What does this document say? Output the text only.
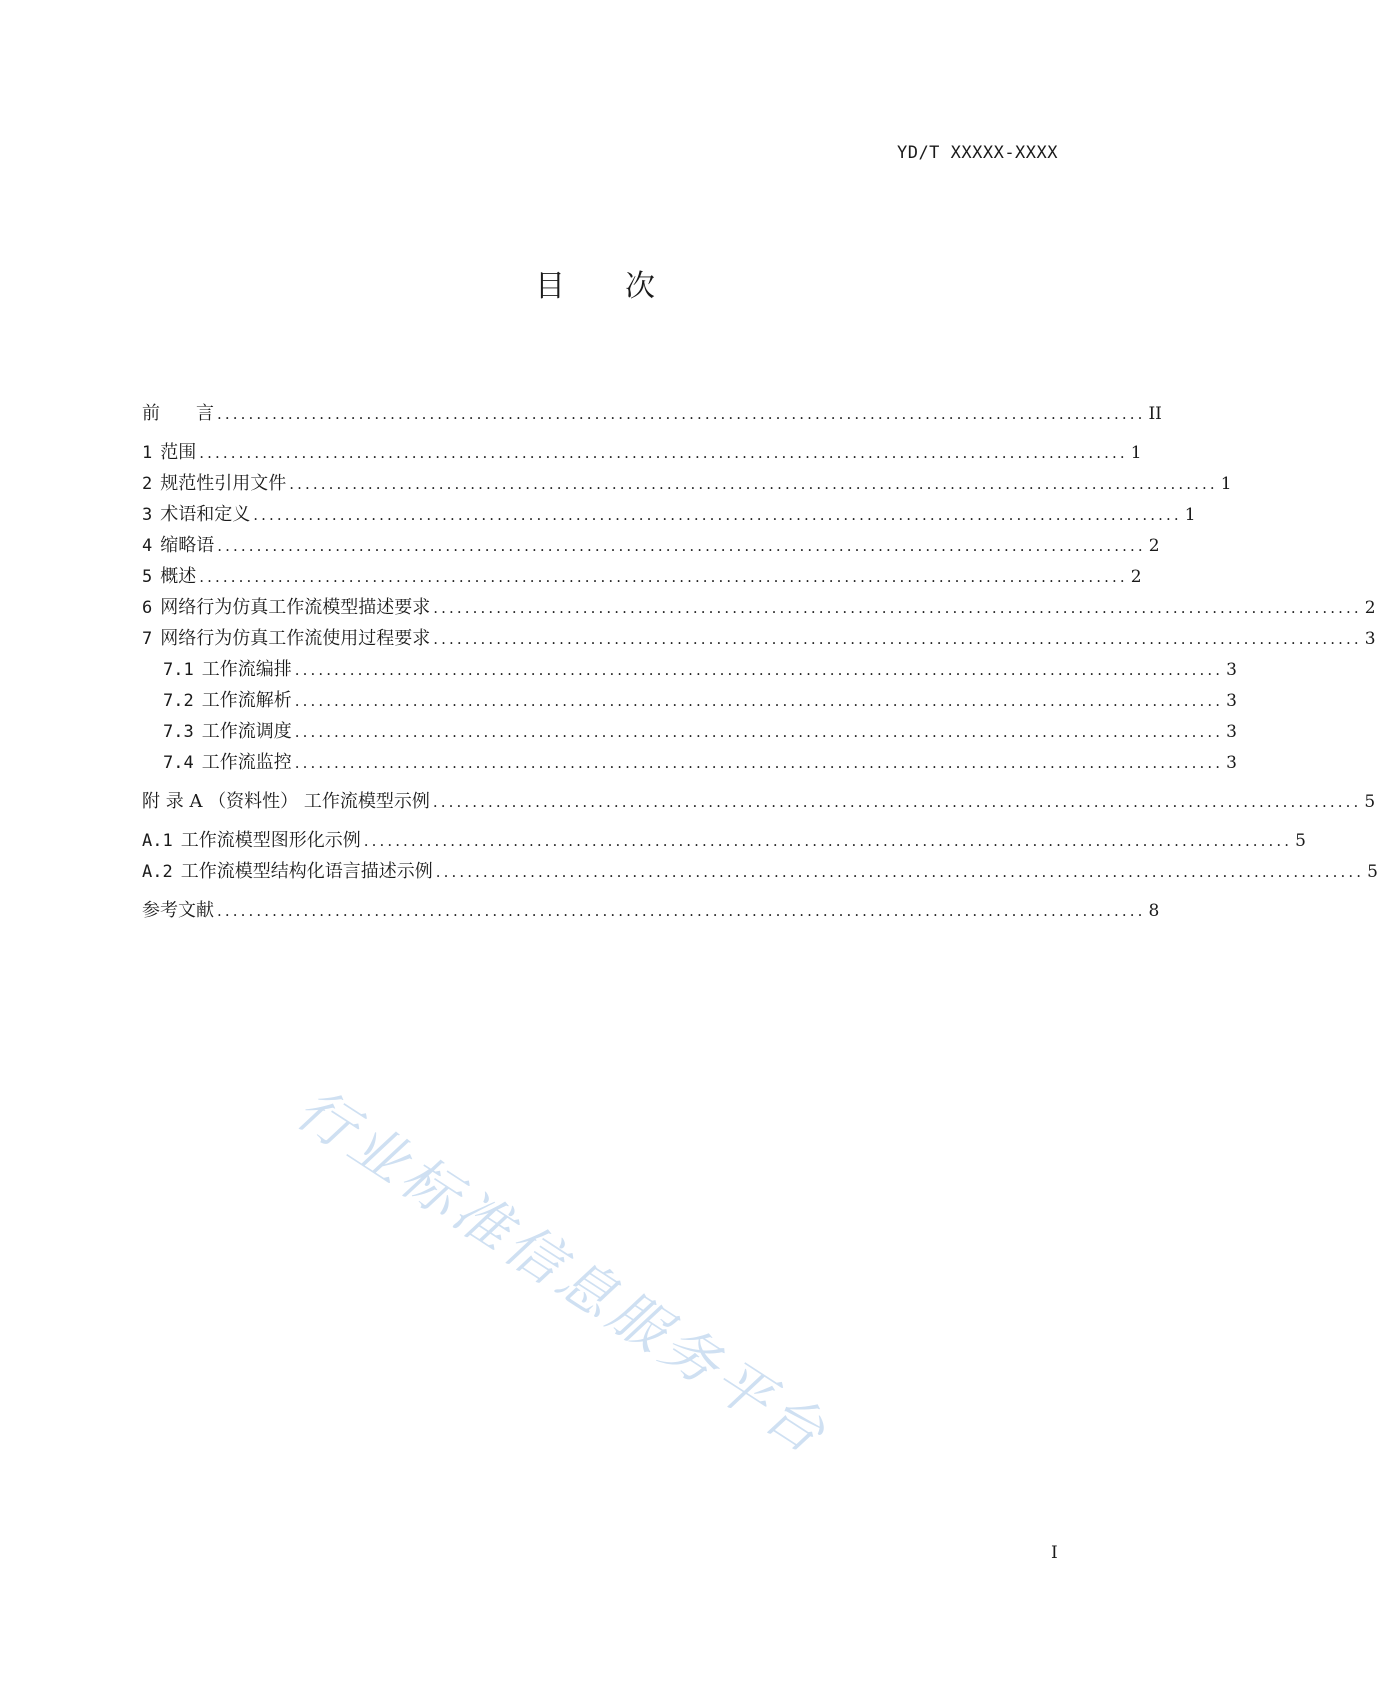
YD/T XXXXX-XXXX
目 次
前　　言 ...................................................................................................................... II
1 范围 ...................................................................................................................... 1
2 规范性引用文件 ...................................................................................................................... 1
3 术语和定义 ...................................................................................................................... 1
4 缩略语 ...................................................................................................................... 2
5 概述 ...................................................................................................................... 2
6 网络行为仿真工作流模型描述要求 ...................................................................................................................... 2
7 网络行为仿真工作流使用过程要求 ...................................................................................................................... 3
7.1 工作流编排 ...................................................................................................................... 3
7.2 工作流解析 ...................................................................................................................... 3
7.3 工作流调度 ...................................................................................................................... 3
7.4 工作流监控 ...................................................................................................................... 3
附 录 A （资料性） 工作流模型示例 ...................................................................................................................... 5
A.1 工作流模型图形化示例 ...................................................................................................................... 5
A.2 工作流模型结构化语言描述示例 ...................................................................................................................... 5
参考文献 ...................................................................................................................... 8
行业标准信息服务平台
I
